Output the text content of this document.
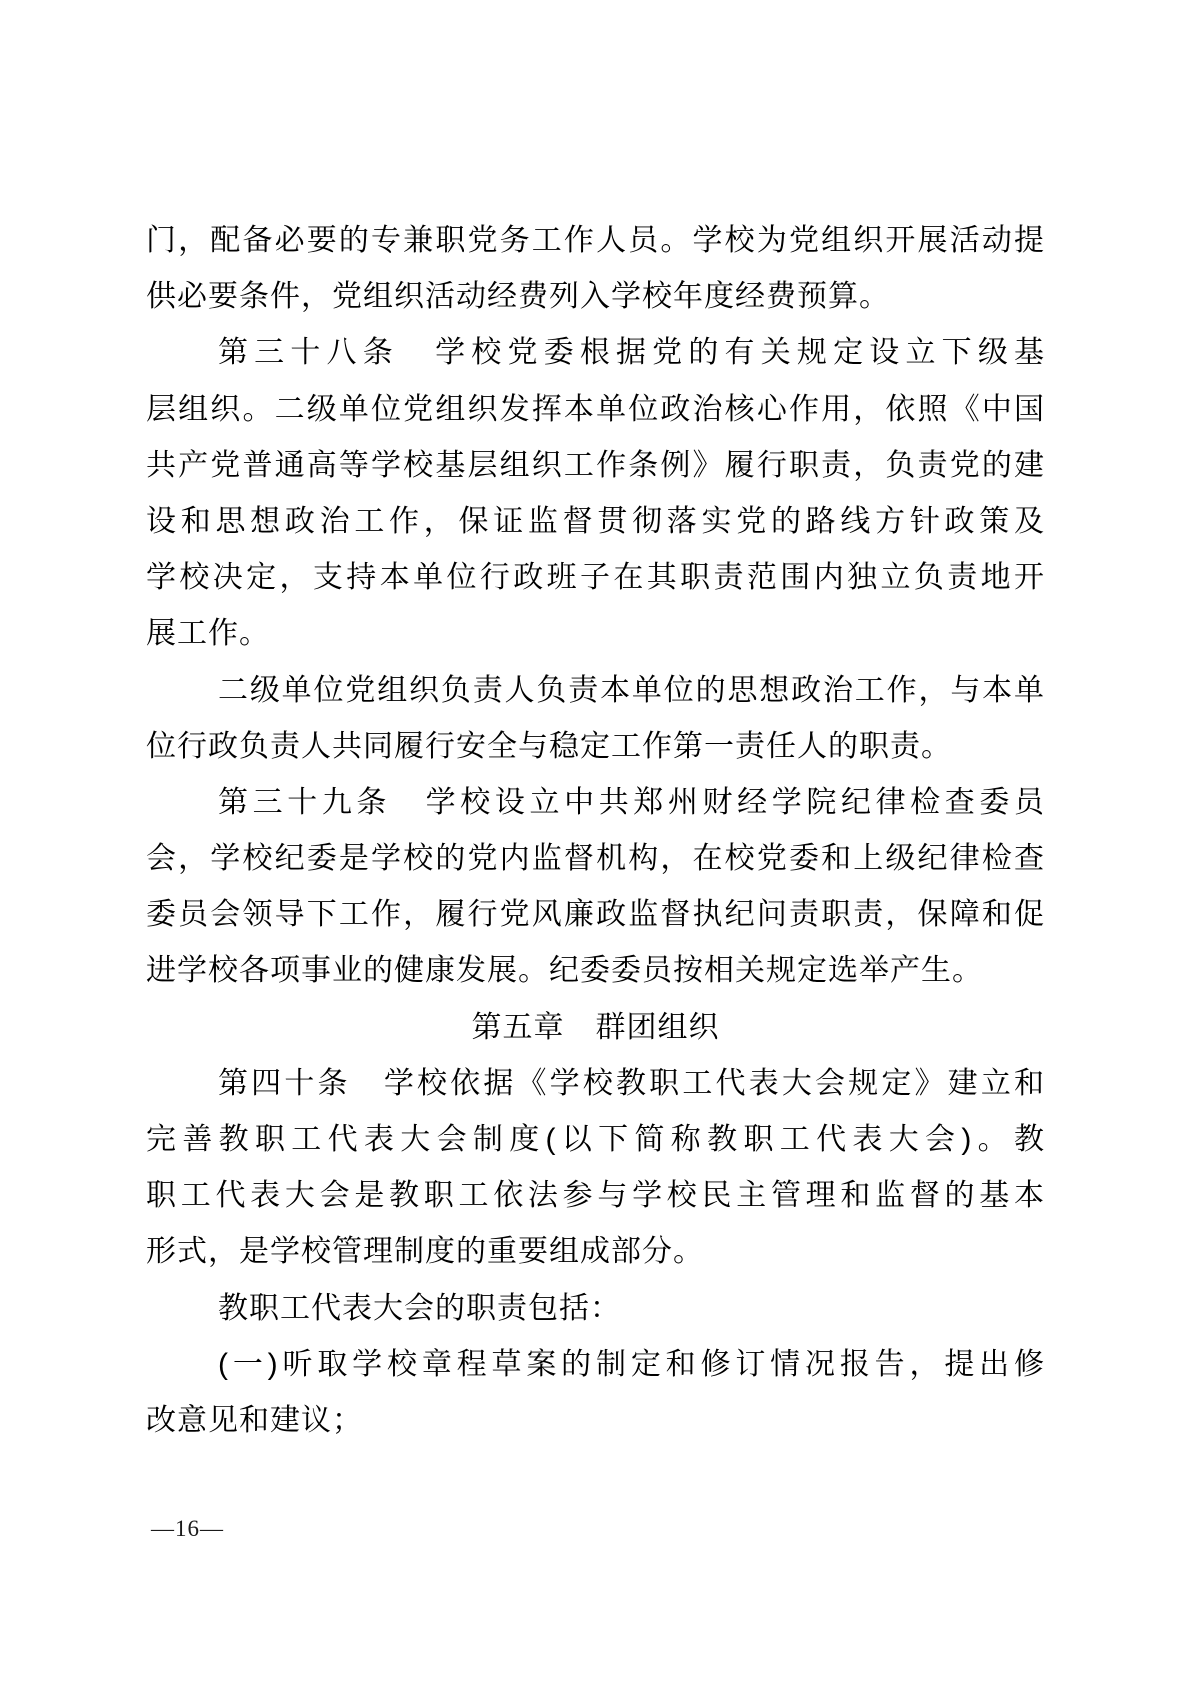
门，配备必要的专兼职党务工作人员。学校为党组织开展活动提
供必要条件，党组织活动经费列入学校年度经费预算。
第三十八条　学校党委根据党的有关规定设立下级基
层组织。二级单位党组织发挥本单位政治核心作用，依照《中国
共产党普通高等学校基层组织工作条例》履行职责，负责党的建
设和思想政治工作，保证监督贯彻落实党的路线方针政策及
学校决定，支持本单位行政班子在其职责范围内独立负责地开
展工作。
二级单位党组织负责人负责本单位的思想政治工作，与本单
位行政负责人共同履行安全与稳定工作第一责任人的职责。
第三十九条　学校设立中共郑州财经学院纪律检查委员
会，学校纪委是学校的党内监督机构，在校党委和上级纪律检查
委员会领导下工作，履行党风廉政监督执纪问责职责，保障和促
进学校各项事业的健康发展。纪委委员按相关规定选举产生。
第五章　群团组织
第四十条　学校依据《学校教职工代表大会规定》建立和
完善教职工代表大会制度(以下简称教职工代表大会)。教
职工代表大会是教职工依法参与学校民主管理和监督的基本
形式，是学校管理制度的重要组成部分。
教职工代表大会的职责包括：
(一)听取学校章程草案的制定和修订情况报告，提出修
改意见和建议；
—16—
